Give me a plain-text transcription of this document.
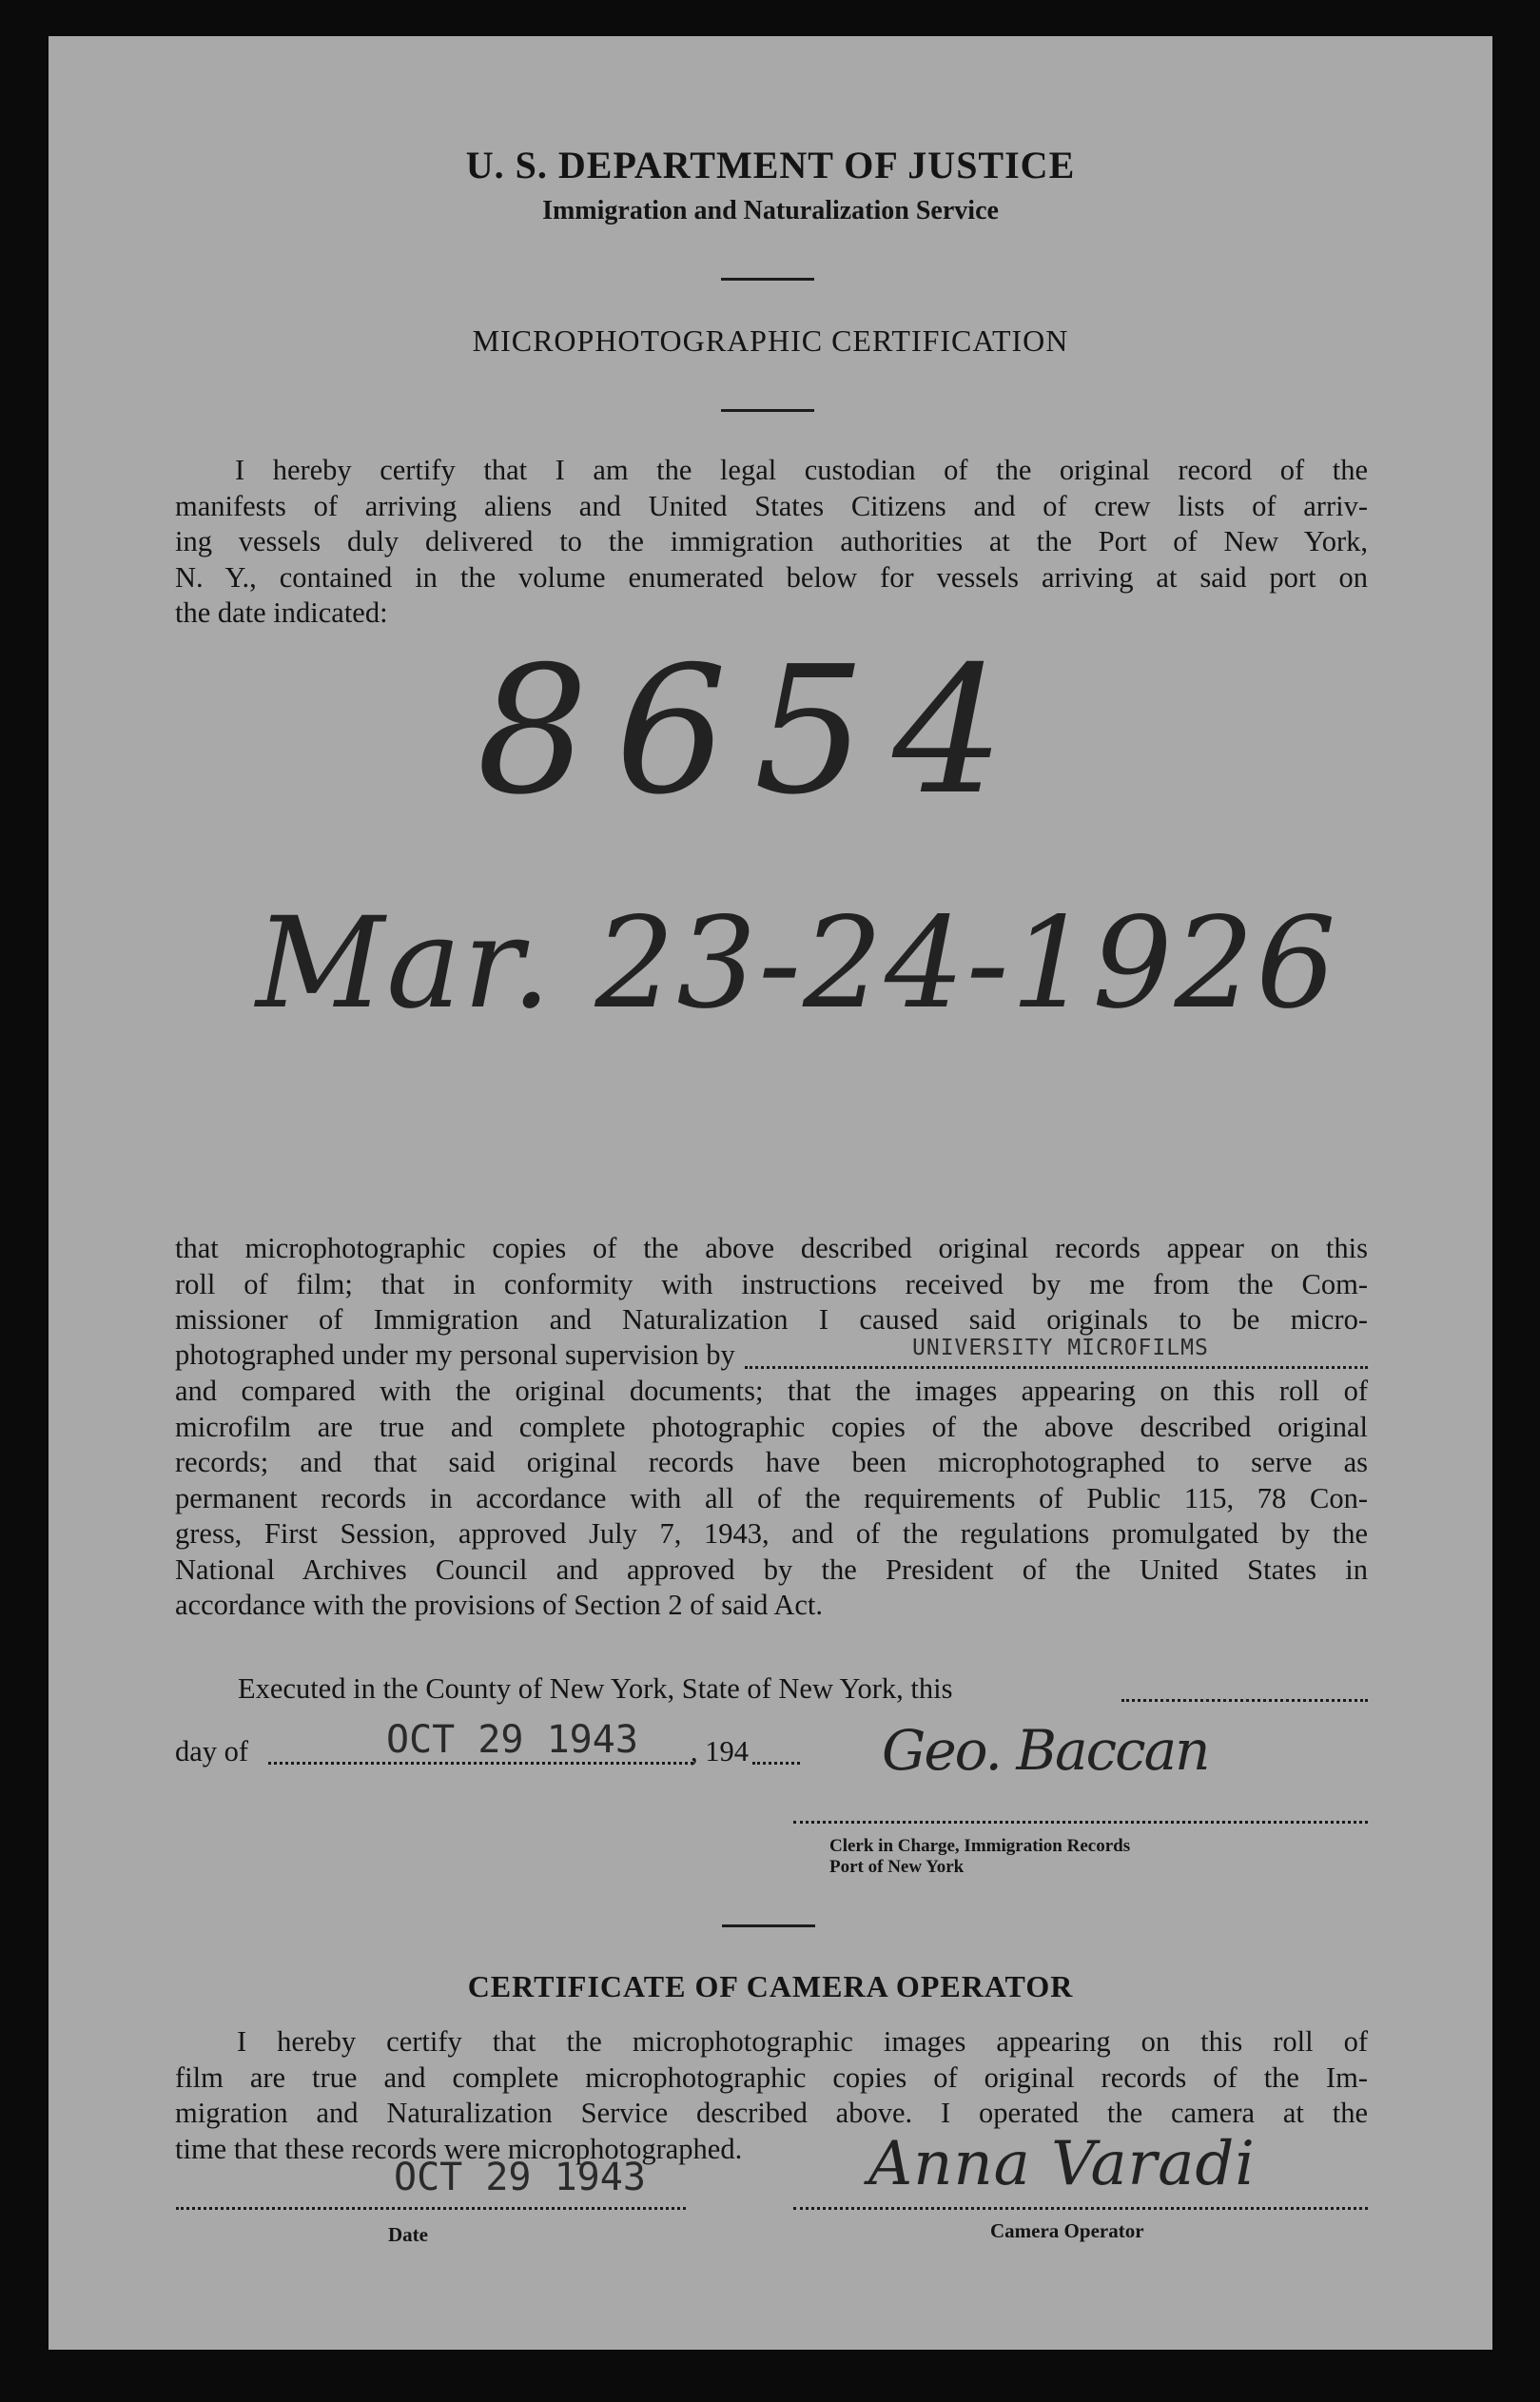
U. S. DEPARTMENT OF JUSTICE
Immigration and Naturalization Service
MICROPHOTOGRAPHIC CERTIFICATION
I hereby certify that I am the legal custodian of the original record of the
manifests of arriving aliens and United States Citizens and of crew lists of arriv-
ing vessels duly delivered to the immigration authorities at the Port of New York,
N. Y., contained in the volume enumerated below for vessels arriving at said port on
the date indicated:
8654
Mar. 23-24-1926
that microphotographic copies of the above described original records appear on this
roll of film; that in conformity with instructions received by me from the Com-
missioner of Immigration and Naturalization I caused said originals to be micro-
photographed under my personal supervision by	UNIVERSITY MICROFILMS
and compared with the original documents; that the images appearing on this roll of
microfilm are true and complete photographic copies of the above described original
records; and that said original records have been microphotographed to serve as
permanent records in accordance with all of the requirements of Public 115, 78 Con-
gress, First Session, approved July 7, 1943, and of the regulations promulgated by the
National Archives Council and approved by the President of the United States in
accordance with the provisions of Section 2 of said Act.
Executed in the County of New York, State of New York, this
day of	OCT 29 1943 , 194 Geo. Baccan
Clerk in Charge, Immigration Records
Port of New York
CERTIFICATE OF CAMERA OPERATOR
I hereby certify that the microphotographic images appearing on this roll of
film are true and complete microphotographic copies of original records of the Im-
migration and Naturalization Service described above. I operated the camera at the
time that these records were microphotographed.
OCT 29 1943
Date
Anna Varadi
Camera Operator
